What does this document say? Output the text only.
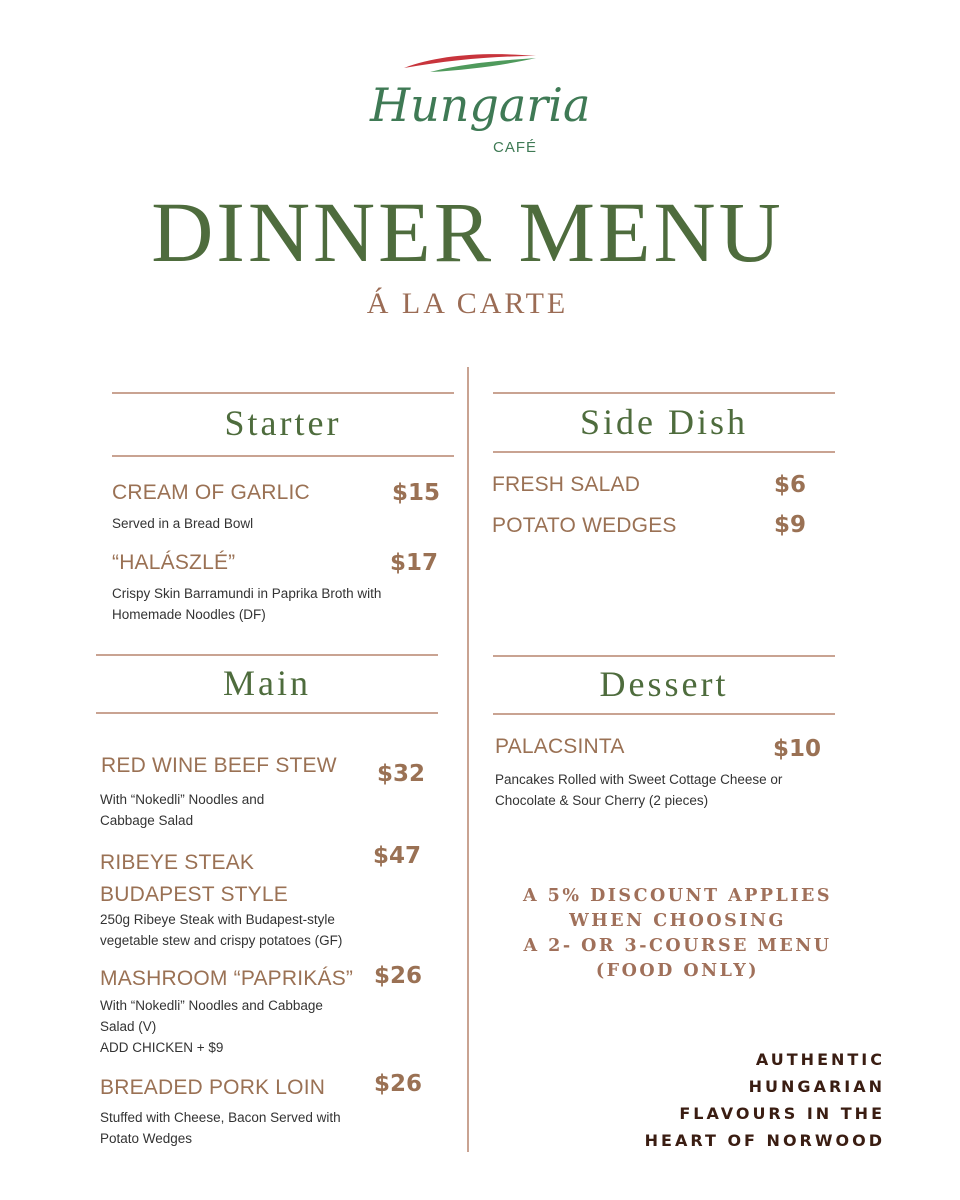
Hungaria
CAFÉ
DINNER MENU
Á LA CARTE
Starter
CREAM OF GARLIC	$15
Served in a Bread Bowl
“HALÁSZLÉ”	$17
Crispy Skin Barramundi in Paprika Broth with Homemade Noodles (DF)
Side Dish
FRESH SALAD	$6
POTATO WEDGES	$9
Main
RED WINE BEEF STEW $32
With “Nokedli” Noodles and Cabbage Salad
RIBEYE STEAK BUDAPEST STYLE
$47
250g Ribeye Steak with Budapest-style vegetable stew and crispy potatoes (GF)
MASHROOM “PAPRIKÁS” $26
With “Nokedli” Noodles and Cabbage Salad (V)
ADD CHICKEN + $9
BREADED PORK LOIN $26
Stuffed with Cheese, Bacon Served with Potato Wedges
Dessert
PALACSINTA	$10
Pancakes Rolled with Sweet Cottage Cheese or Chocolate & Sour Cherry (2 pieces)
A 5% DISCOUNT APPLIES
WHEN CHOOSING
A 2- OR 3-COURSE MENU
(FOOD ONLY)
AUTHENTIC
HUNGARIAN
FLAVOURS IN THE
HEART OF NORWOOD
